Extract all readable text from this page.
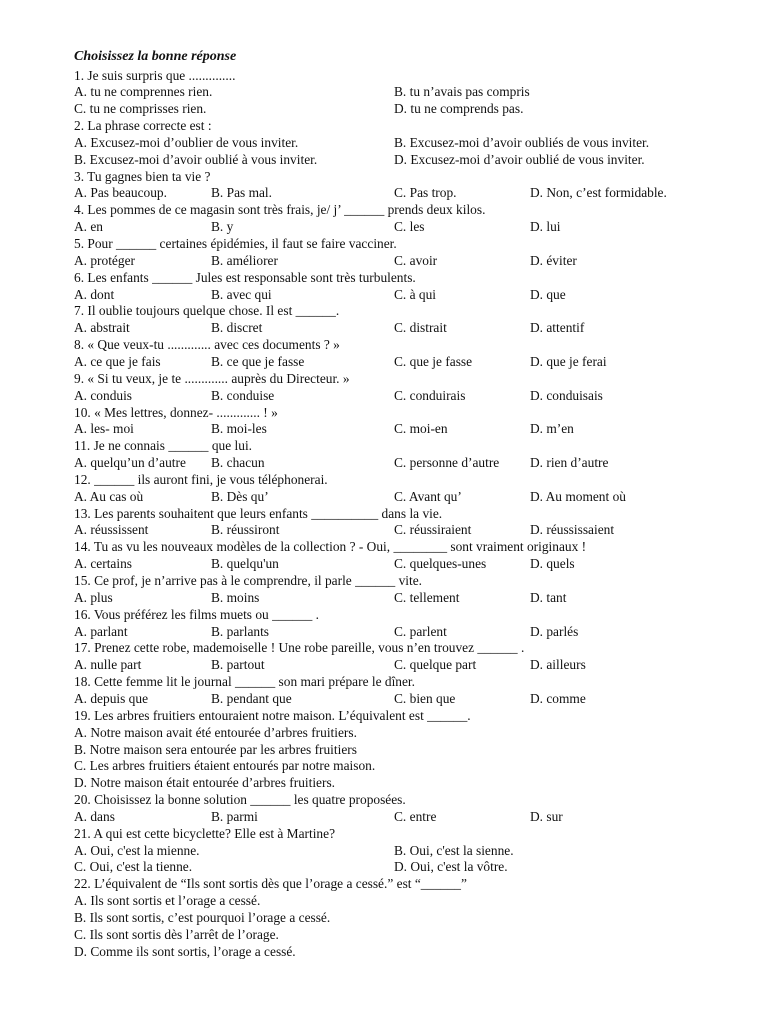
Choisissez la bonne réponse
1. Je suis surpris que ..............
A. tu ne comprennes rien.	B. tu n’avais pas compris
C. tu ne comprisses rien.	D. tu ne comprends pas.
2. La phrase correcte est :
A. Excusez-moi d’oublier de vous inviter.	B. Excusez-moi d’avoir oubliés de vous inviter.
B. Excusez-moi d’avoir oublié à vous inviter.	D. Excusez-moi d’avoir oublié de vous inviter.
3. Tu gagnes bien ta vie ?
A. Pas beaucoup.	B. Pas mal.	C. Pas trop.	D. Non, c’est formidable.
4. Les pommes de ce magasin sont très frais, je/ j’ ______ prends deux kilos.
A. en	B. y	C. les	D. lui
5. Pour ______ certaines épidémies, il faut se faire vacciner.
A. protéger	B. améliorer	C. avoir	D. éviter
6. Les enfants ______ Jules est responsable sont très turbulents.
A. dont	B. avec qui	C. à qui	D. que
7. Il oublie toujours quelque chose. Il est ______.
A. abstrait	B. discret	C. distrait	D. attentif
8. « Que veux-tu ............. avec ces documents ? »
A. ce que je fais	B. ce que je fasse	C. que je fasse	D. que je ferai
9. « Si tu veux, je te ............. auprès du Directeur. »
A. conduis	B. conduise	C. conduirais	D. conduisais
10. « Mes lettres, donnez- ............. ! »
A. les- moi	B. moi-les	C. moi-en	D. m’en
11. Je ne connais ______ que lui.
A. quelqu’un d’autre B. chacun	C. personne d’autre D. rien d’autre
12. ______ ils auront fini, je vous téléphonerai.
A. Au cas où	B. Dès qu’	C. Avant qu’	D. Au moment où
13. Les parents souhaitent que leurs enfants __________ dans la vie.
A. réussissent	B. réussiront	C. réussiraient	D. réussissaient
14. Tu as vu les nouveaux modèles de la collection ? - Oui, ________ sont vraiment originaux !
A. certains	B. quelqu'un	C. quelques-unes	D. quels
15. Ce prof, je n’arrive pas à le comprendre, il parle ______ vite.
A. plus	B. moins	C. tellement	D. tant
16. Vous préférez les films muets ou ______ .
A. parlant	B. parlants	C. parlent	D. parlés
17. Prenez cette robe, mademoiselle ! Une robe pareille, vous n’en trouvez ______ .
A. nulle part	B. partout	C. quelque part	D. ailleurs
18. Cette femme lit le journal ______ son mari prépare le dîner.
A. depuis que	B. pendant que	C. bien que	D. comme
19. Les arbres fruitiers entouraient notre maison. L’équivalent est ______.
A. Notre maison avait été entourée d’arbres fruitiers.
B. Notre maison sera entourée par les arbres fruitiers
C. Les arbres fruitiers étaient entourés par notre maison.
D. Notre maison était entourée d’arbres fruitiers.
20. Choisissez la bonne solution ______ les quatre proposées.
A. dans	B. parmi	C. entre	D. sur
21. A qui est cette bicyclette? Elle est à Martine?
A. Oui, c'est la mienne.	B. Oui, c'est la sienne.
C. Oui, c'est la tienne.	D. Oui, c'est la vôtre.
22. L’équivalent de “Ils sont sortis dès que l’orage a cessé.” est “______”
A. Ils sont sortis et l’orage a cessé.
B. Ils sont sortis, c’est pourquoi l’orage a cessé.
C. Ils sont sortis dès l’arrêt de l’orage.
D. Comme ils sont sortis, l’orage a cessé.
